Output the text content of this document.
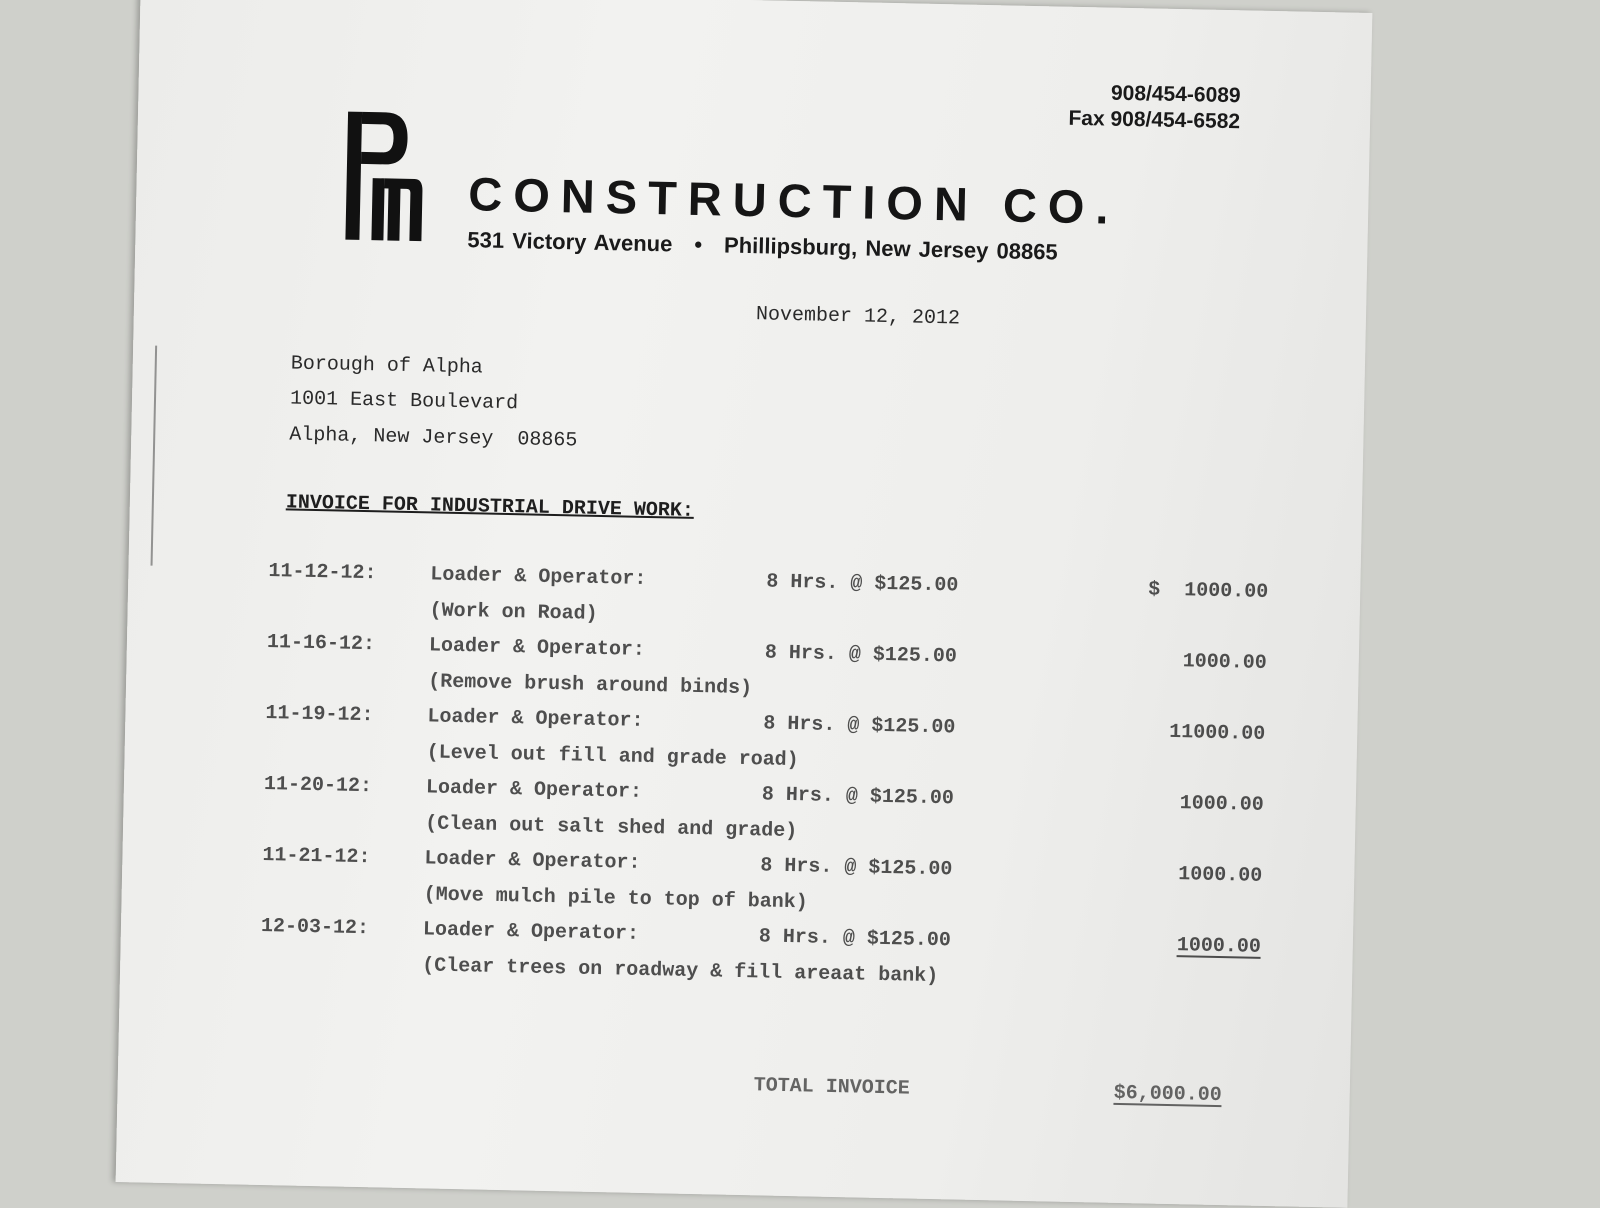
908/454-6089
Fax 908/454-6582
CONSTRUCTION CO.
531 Victory Avenue • Phillipsburg, New Jersey 08865
November 12, 2012
Borough of Alpha
1001 East Boulevard
Alpha, New Jersey  08865
INVOICE FOR INDUSTRIAL DRIVE WORK:
11-12-12:	Loader & Operator:	8 Hrs. @ $125.00	$  1000.00
(Work on Road)
11-16-12:	Loader & Operator:	8 Hrs. @ $125.00	1000.00
(Remove brush around binds)
11-19-12:	Loader & Operator:	8 Hrs. @ $125.00	11000.00
(Level out fill and grade road)
11-20-12:	Loader & Operator:	8 Hrs. @ $125.00	1000.00
(Clean out salt shed and grade)
11-21-12:	Loader & Operator:	8 Hrs. @ $125.00	1000.00
(Move mulch pile to top of bank)
12-03-12:	Loader & Operator:	8 Hrs. @ $125.00	1000.00
(Clear trees on roadway & fill areaat bank)
TOTAL INVOICE	$6,000.00
